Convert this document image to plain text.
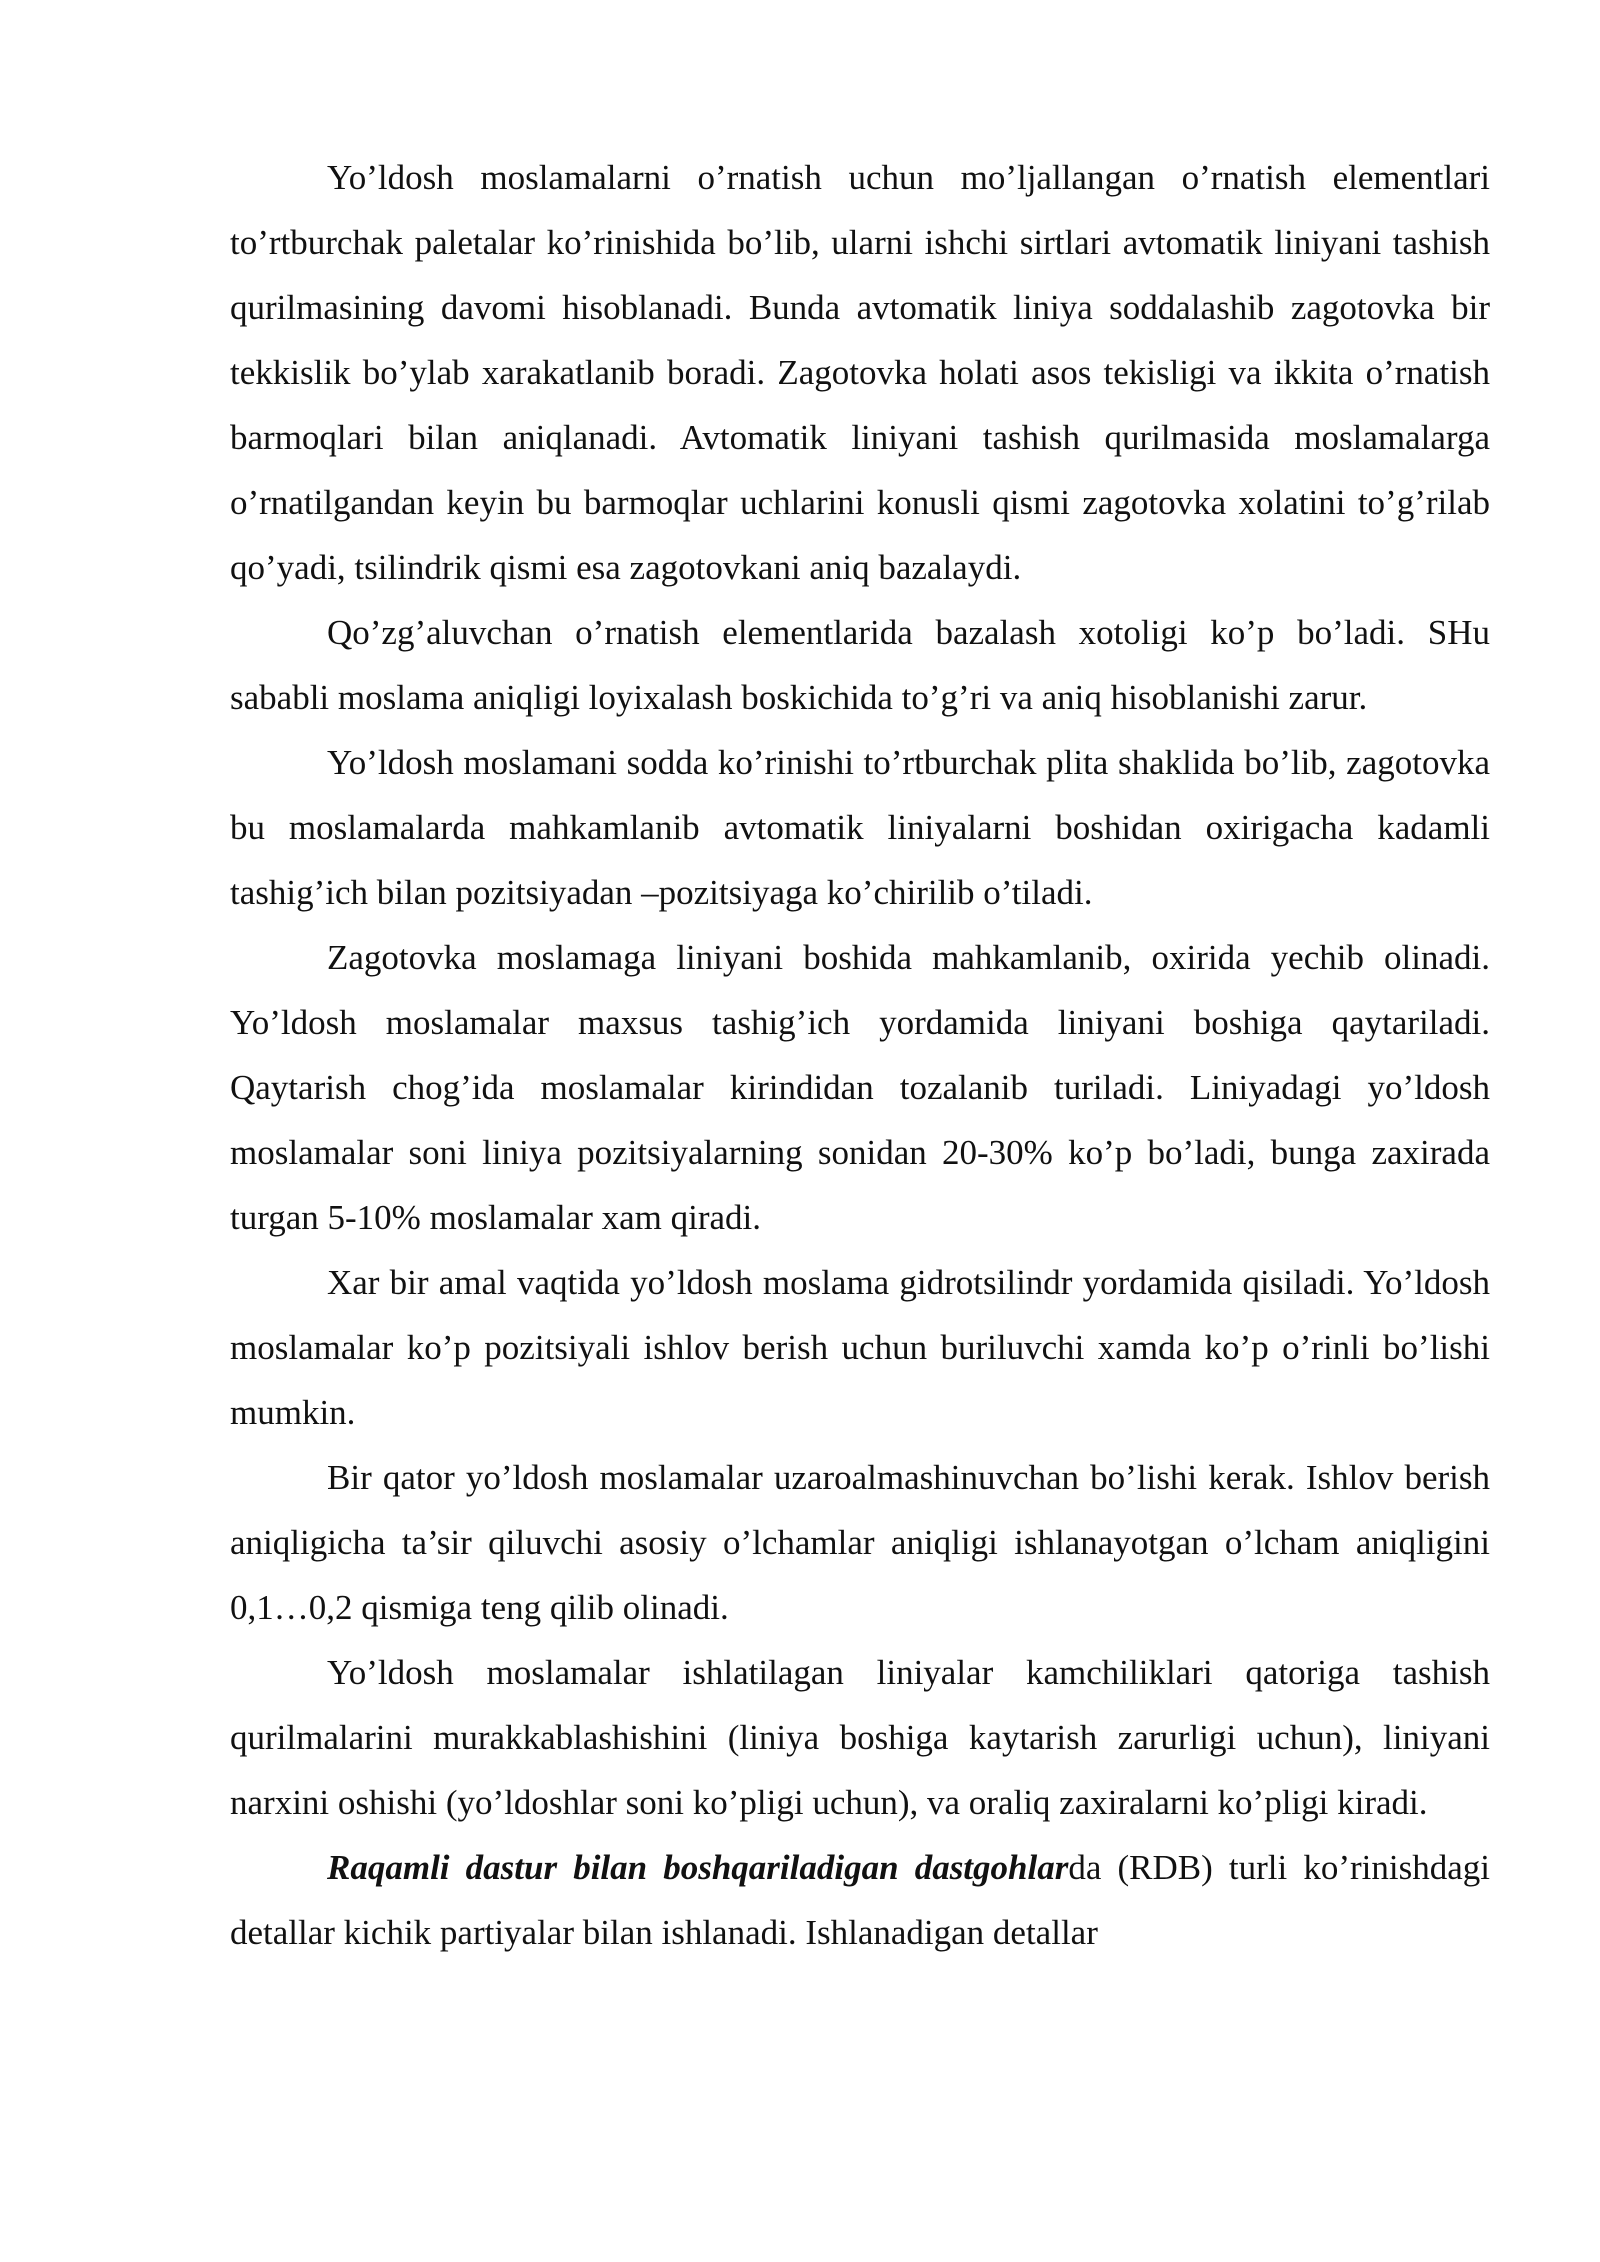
Yo’ldosh moslamalarni o’rnatish uchun mo’ljallangan o’rnatish elementlari to’rtburchak paletalar ko’rinishida bo’lib, ularni ishchi sirtlari avtomatik liniyani tashish qurilmasining davomi hisoblanadi. Bunda avtomatik liniya soddalashib zagotovka bir tekkislik bo’ylab xarakatlanib boradi. Zagotovka holati asos tekisligi va ikkita o’rnatish barmoqlari bilan aniqlanadi. Avtomatik liniyani tashish qurilmasida moslamalarga o’rnatilgandan keyin bu barmoqlar uchlarini konusli qismi zagotovka xolatini to’g’rilab qo’yadi, tsilindrik qismi esa zagotovkani aniq bazalaydi.

Qo’zg’aluvchan o’rnatish elementlarida bazalash xotoligi ko’p bo’ladi. SHu sababli moslama aniqligi loyixalash boskichida to’g’ri va aniq hisoblanishi zarur.

Yo’ldosh moslamani sodda ko’rinishi to’rtburchak plita shaklida bo’lib, zagotovka bu moslamalarda mahkamlanib avtomatik liniyalarni boshidan oxirigacha kadamli tashig’ich bilan pozitsiyadan –pozitsiyaga ko’chirilib o’tiladi.

Zagotovka moslamaga liniyani boshida mahkamlanib, oxirida yechib olinadi. Yo’ldosh moslamalar maxsus tashig’ich yordamida liniyani boshiga qaytariladi. Qaytarish chog’ida moslamalar kirindidan tozalanib turiladi. Liniyadagi yo’ldosh moslamalar soni liniya pozitsiyalarning sonidan 20-30% ko’p bo’ladi, bunga zaxirada turgan 5-10% moslamalar xam qiradi.

Xar bir amal vaqtida yo’ldosh moslama gidrotsilindr yordamida qisiladi. Yo’ldosh moslamalar ko’p pozitsiyali ishlov berish uchun buriluvchi xamda ko’p o’rinli bo’lishi mumkin.

Bir qator yo’ldosh moslamalar uzaroalmashinuvchan bo’lishi kerak. Ishlov berish aniqligicha ta’sir qiluvchi asosiy o’lchamlar aniqligi ishlanayotgan o’lcham aniqligini 0,1…0,2 qismiga teng qilib olinadi.

Yo’ldosh moslamalar ishlatilagan liniyalar kamchiliklari qatoriga tashish qurilmalarini murakkablashishini (liniya boshiga kaytarish zarurligi uchun), liniyani narxini oshishi (yo’ldoshlar soni ko’pligi uchun), va oraliq zaxiralarni ko’pligi kiradi.

Raqamli dastur bilan boshqariladigan dastgohlarda (RDB) turli ko’rinishdagi detallar kichik partiyalar bilan ishlanadi. Ishlanadigan detallar
